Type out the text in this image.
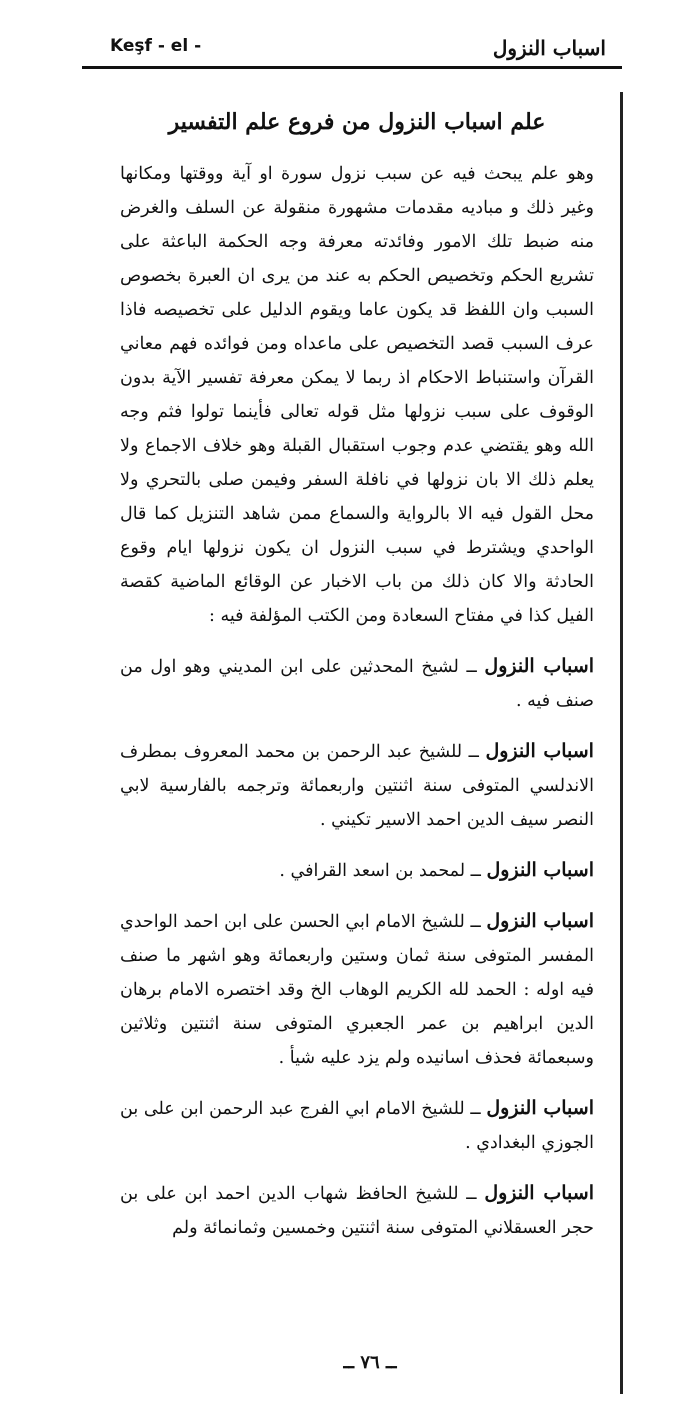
اسباب النزول
Keşf - el -
علم اسباب النزول من فروع علم التفسير

وهو علم يبحث فيه عن سبب نزول سورة او آية ووقتها ومكانها وغير ذلك و مباديه مقدمات مشهورة منقولة عن السلف والغرض منه ضبط تلك الامور وفائدته معرفة وجه الحكمة الباعثة على تشريع الحكم وتخصيص الحكم به عند من يرى ان العبرة بخصوص السبب وان اللفظ قد يكون عاما ويقوم الدليل على تخصيصه فاذا عرف السبب قصد التخصيص على ماعداه ومن فوائده فهم معاني القرآن واستنباط الاحكام اذ ربما لا يمكن معرفة تفسير الآية بدون الوقوف على سبب نزولها مثل قوله تعالى فأينما تولوا فثم وجه الله وهو يقتضي عدم وجوب استقبال القبلة وهو خلاف الاجماع ولا يعلم ذلك الا بان نزولها في نافلة السفر وفيمن صلى بالتحري ولا محل القول فيه الا بالرواية والسماع ممن شاهد التنزيل كما قال الواحدي ويشترط في سبب النزول ان يكون نزولها ايام وقوع الحادثة والا كان ذلك من باب الاخبار عن الوقائع الماضية كقصة الفيل كذا في مفتاح السعادة ومن الكتب المؤلفة فيه :

اسباب النزول ــ لشيخ المحدثين على ابن المديني وهو اول من صنف فيه .

اسباب النزول ــ للشيخ عبد الرحمن بن محمد المعروف بمطرف الاندلسي المتوفى سنة اثنتين واربعمائة وترجمه بالفارسية لابي النصر سيف الدين احمد الاسير تكيني .

اسباب النزول ــ لمحمد بن اسعد القرافي .

اسباب النزول ــ للشيخ الامام ابي الحسن على ابن احمد الواحدي المفسر المتوفى سنة ثمان وستين واربعمائة وهو اشهر ما صنف فيه اوله : الحمد لله الكريم الوهاب الخ وقد اختصره الامام برهان الدين ابراهيم بن عمر الجعبري المتوفى سنة اثنتين وثلاثين وسبعمائة فحذف اسانيده ولم يزد عليه شيأ .

اسباب النزول ــ للشيخ الامام ابي الفرج عبد الرحمن ابن على بن الجوزي البغدادي .

اسباب النزول ــ للشيخ الحافظ شهاب الدين احمد ابن على بن حجر العسقلاني المتوفى سنة اثنتين وخمسين وثمانمائة ولم

ــ ٧٦ ــ
